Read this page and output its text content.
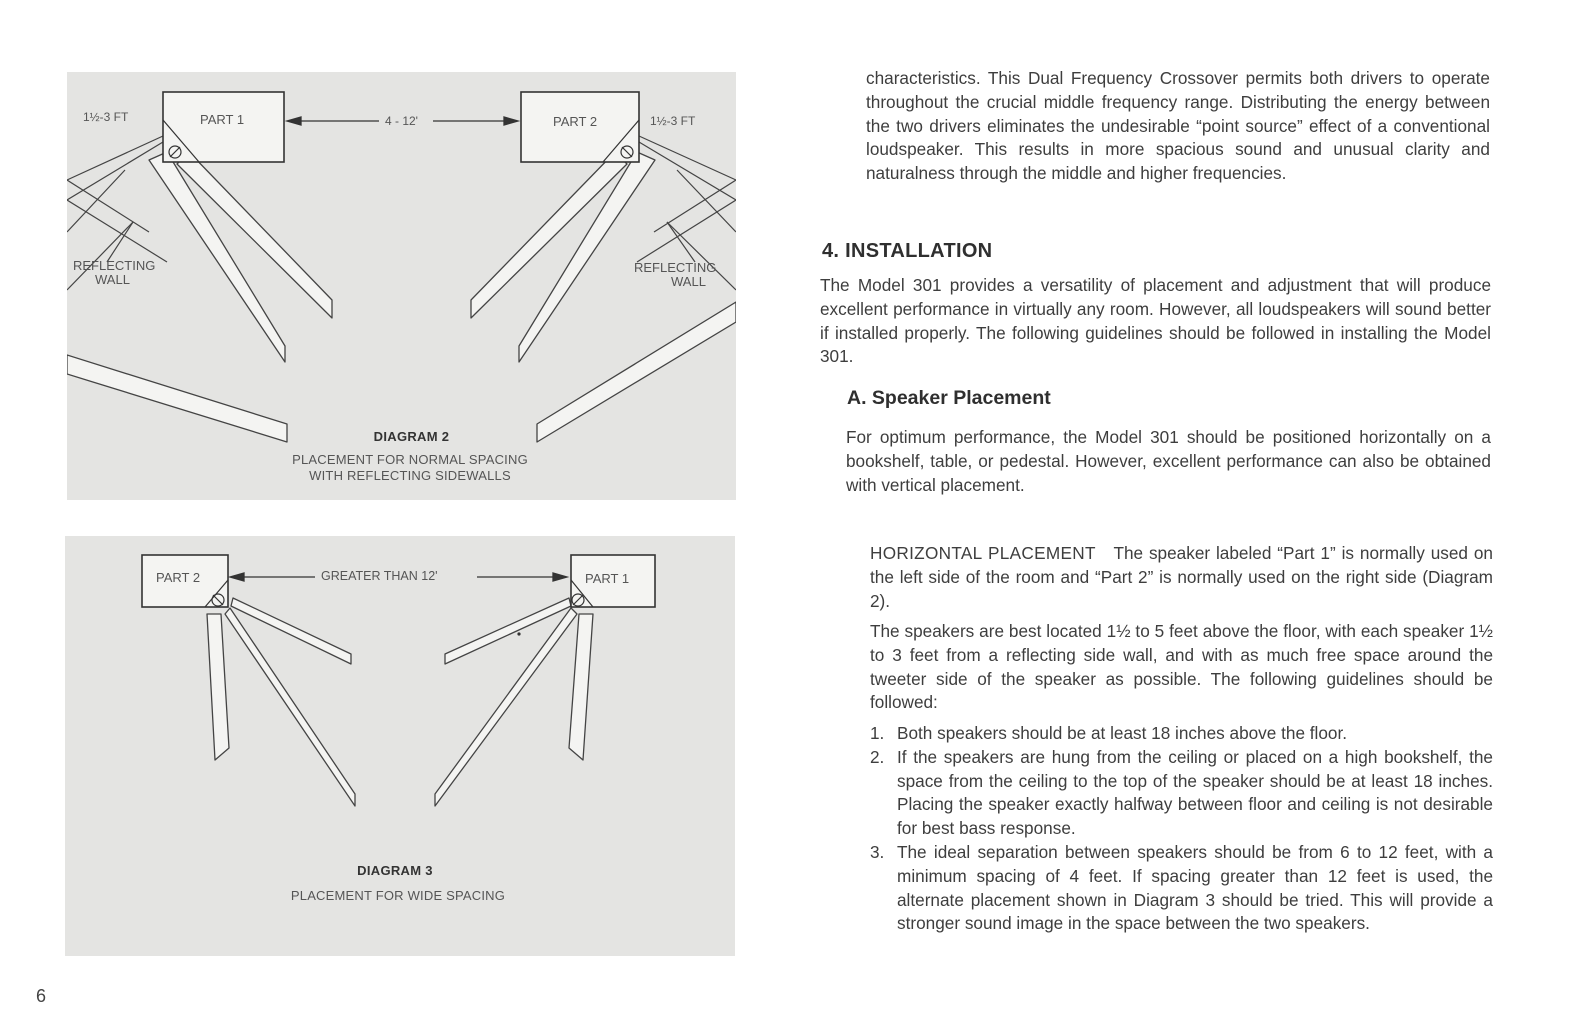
PART 1	PART 2
4 - 12'
1½-3 FT	1½-3 FT
REFLECTING
WALL
REFLECTING
WALL
DIAGRAM 2
PLACEMENT FOR NORMAL SPACING
WITH REFLECTING SIDEWALLS
PART 2	PART 1
GREATER THAN 12'
DIAGRAM 3
PLACEMENT FOR WIDE SPACING
6
characteristics. This Dual Frequency Crossover permits both drivers to operate throughout the crucial middle frequency range. Distributing the energy between the two drivers eliminates the undesirable “point source” effect of a conventional loudspeaker. This results in more spacious sound and unusual clarity and naturalness through the middle and higher frequencies.
4. INSTALLATION
The Model 301 provides a versatility of placement and adjustment that will produce excellent performance in virtually any room. However, all loudspeakers will sound better if installed properly. The following guidelines should be followed in installing the Model 301.
A. Speaker Placement
For optimum performance, the Model 301 should be positioned horizontally on a bookshelf, table, or pedestal. However, excellent performance can also be obtained with vertical placement.
HORIZONTAL PLACEMENT The speaker labeled “Part 1” is normally used on the left side of the room and “Part 2” is normally used on the right side (Diagram 2).
The speakers are best located 1½ to 5 feet above the floor, with each speaker 1½ to 3 feet from a reflecting side wall, and with as much free space around the tweeter side of the speaker as possible. The following guidelines should be followed:
1. Both speakers should be at least 18 inches above the floor.
2. If the speakers are hung from the ceiling or placed on a high bookshelf, the space from the ceiling to the top of the speaker should be at least 18 inches. Placing the speaker exactly halfway between floor and ceiling is not desirable for best bass response.
3. The ideal separation between speakers should be from 6 to 12 feet, with a minimum spacing of 4 feet. If spacing greater than 12 feet is used, the alternate placement shown in Diagram 3 should be tried. This will provide a stronger sound image in the space between the two speakers.
